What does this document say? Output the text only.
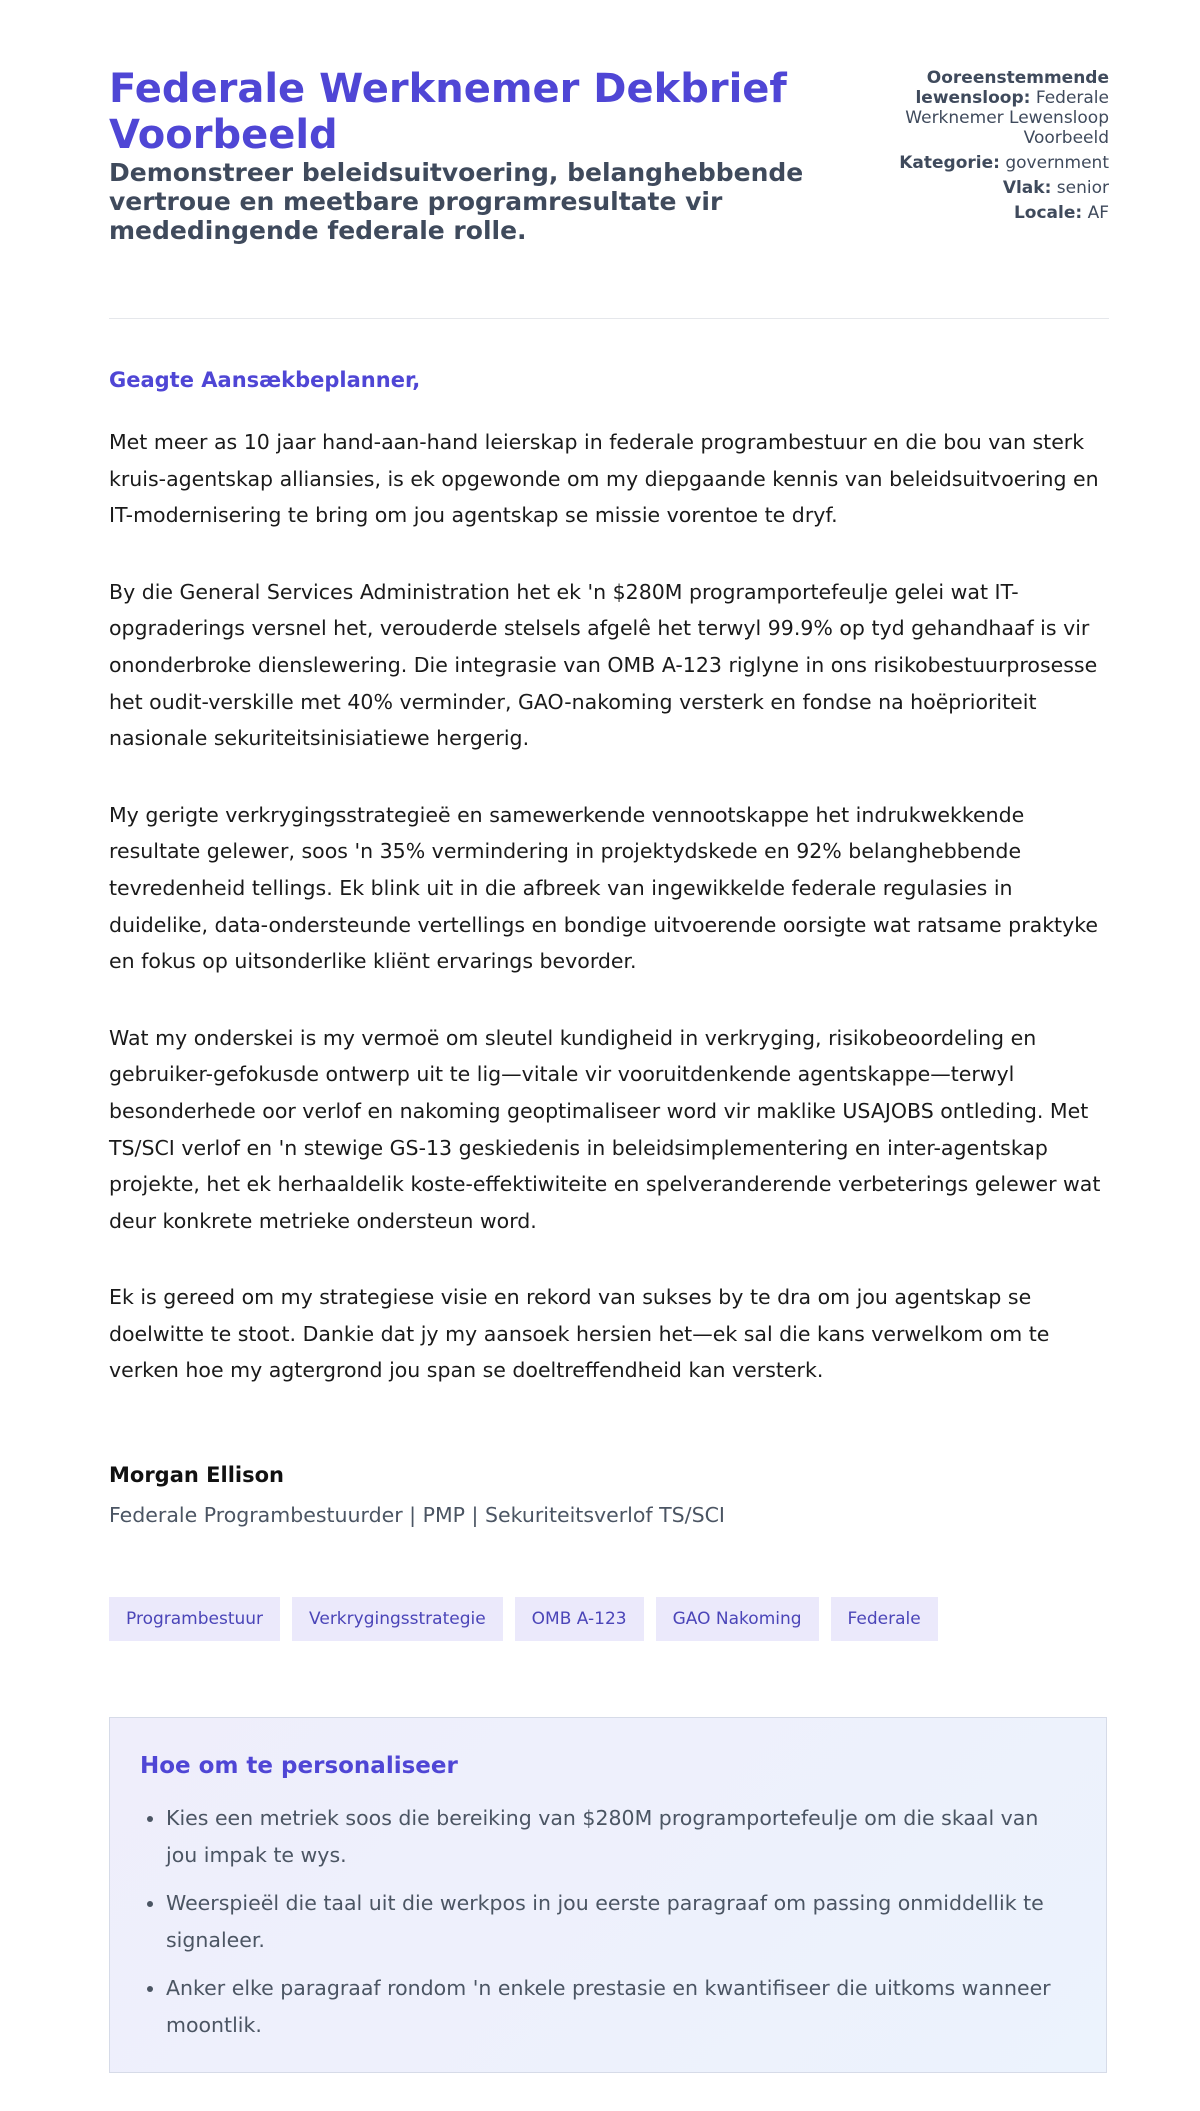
Federale Werknemer Dekbrief Voorbeeld
Demonstreer beleidsuitvoering, belanghebbende vertroue en meetbare programresultate vir mededingende federale rolle.
Ooreenstemmende lewensloop: Federale Werknemer Lewensloop Voorbeeld
Kategorie: government
Vlak: senior
Locale: AF
Geagte Aansækbeplanner,

Met meer as 10 jaar hand-aan-hand leierskap in federale programbestuur en die bou van sterk kruis-agentskap alliansies, is ek opgewonde om my diepgaande kennis van beleidsuitvoering en IT-modernisering te bring om jou agentskap se missie vorentoe te dryf.

By die General Services Administration het ek 'n $280M programportefeulje gelei wat IT-opgraderings versnel het, verouderde stelsels afgelê het terwyl 99.9% op tyd gehandhaaf is vir ononderbroke dienslewering. Die integrasie van OMB A-123 riglyne in ons risikobestuurprosesse het oudit-verskille met 40% verminder, GAO-nakoming versterk en fondse na hoëprioriteit nasionale sekuriteitsinisiatiewe hergerig.

My gerigte verkrygingsstrategieë en samewerkende vennootskappe het indrukwekkende resultate gelewer, soos 'n 35% vermindering in projektydskede en 92% belanghebbende tevredenheid tellings. Ek blink uit in die afbreek van ingewikkelde federale regulasies in duidelike, data-ondersteunde vertellings en bondige uitvoerende oorsigte wat ratsame praktyke en fokus op uitsonderlike kliënt ervarings bevorder.

Wat my onderskei is my vermoë om sleutel kundigheid in verkryging, risikobeoordeling en gebruiker-gefokusde ontwerp uit te lig—vitale vir vooruitdenkende agentskappe—terwyl besonderhede oor verlof en nakoming geoptimaliseer word vir maklike USAJOBS ontleding. Met TS/SCI verlof en 'n stewige GS-13 geskiedenis in beleidsimplementering en inter-agentskap projekte, het ek herhaaldelik koste-effektiwiteite en spelveranderende verbeterings gelewer wat deur konkrete metrieke ondersteun word.

Ek is gereed om my strategiese visie en rekord van sukses by te dra om jou agentskap se doelwitte te stoot. Dankie dat jy my aansoek hersien het—ek sal die kans verwelkom om te verken hoe my agtergrond jou span se doeltreffendheid kan versterk.

Morgan Ellison
Federale Programbestuurder | PMP | Sekuriteitsverlof TS/SCI
Programbestuur	Verkrygingsstrategie	OMB A-123	GAO Nakoming	Federale
Hoe om te personaliseer
• Kies een metriek soos die bereiking van $280M programportefeulje om die skaal van jou impak te wys.
• Weerspieël die taal uit die werkpos in jou eerste paragraaf om passing onmiddellik te signaleer.
• Anker elke paragraaf rondom 'n enkele prestasie en kwantifiseer die uitkoms wanneer moontlik.
